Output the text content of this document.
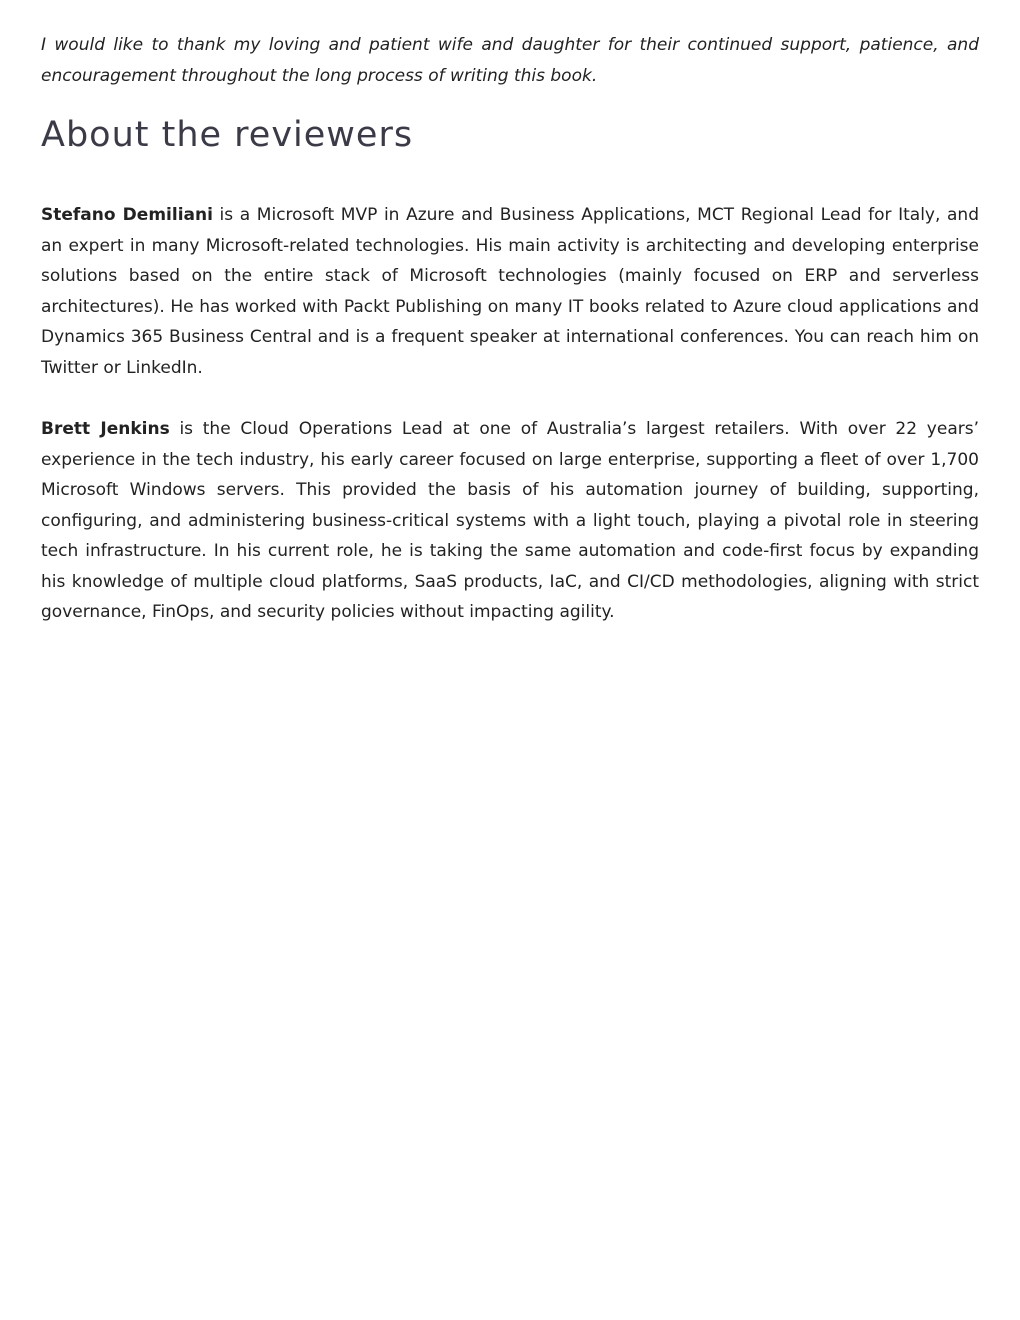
I would like to thank my loving and patient wife and daughter for their continued support, patience, and encouragement throughout the long process of writing this book.

About the reviewers

Stefano Demiliani is a Microsoft MVP in Azure and Business Applications, MCT Regional Lead for Italy, and an expert in many Microsoft-related technologies. His main activity is architecting and developing enterprise solutions based on the entire stack of Microsoft technologies (mainly focused on ERP and serverless architectures). He has worked with Packt Publishing on many IT books related to Azure cloud applications and Dynamics 365 Business Central and is a frequent speaker at international conferences. You can reach him on Twitter or LinkedIn.

Brett Jenkins is the Cloud Operations Lead at one of Australia’s largest retailers. With over 22 years’ experience in the tech industry, his early career focused on large enterprise, supporting a fleet of over 1,700 Microsoft Windows servers. This provided the basis of his automation journey of building, supporting, configuring, and administering business-critical systems with a light touch, playing a pivotal role in steering tech infrastructure. In his current role, he is taking the same automation and code-first focus by expanding his knowledge of multiple cloud platforms, SaaS products, IaC, and CI/CD methodologies, aligning with strict governance, FinOps, and security policies without impacting agility.
